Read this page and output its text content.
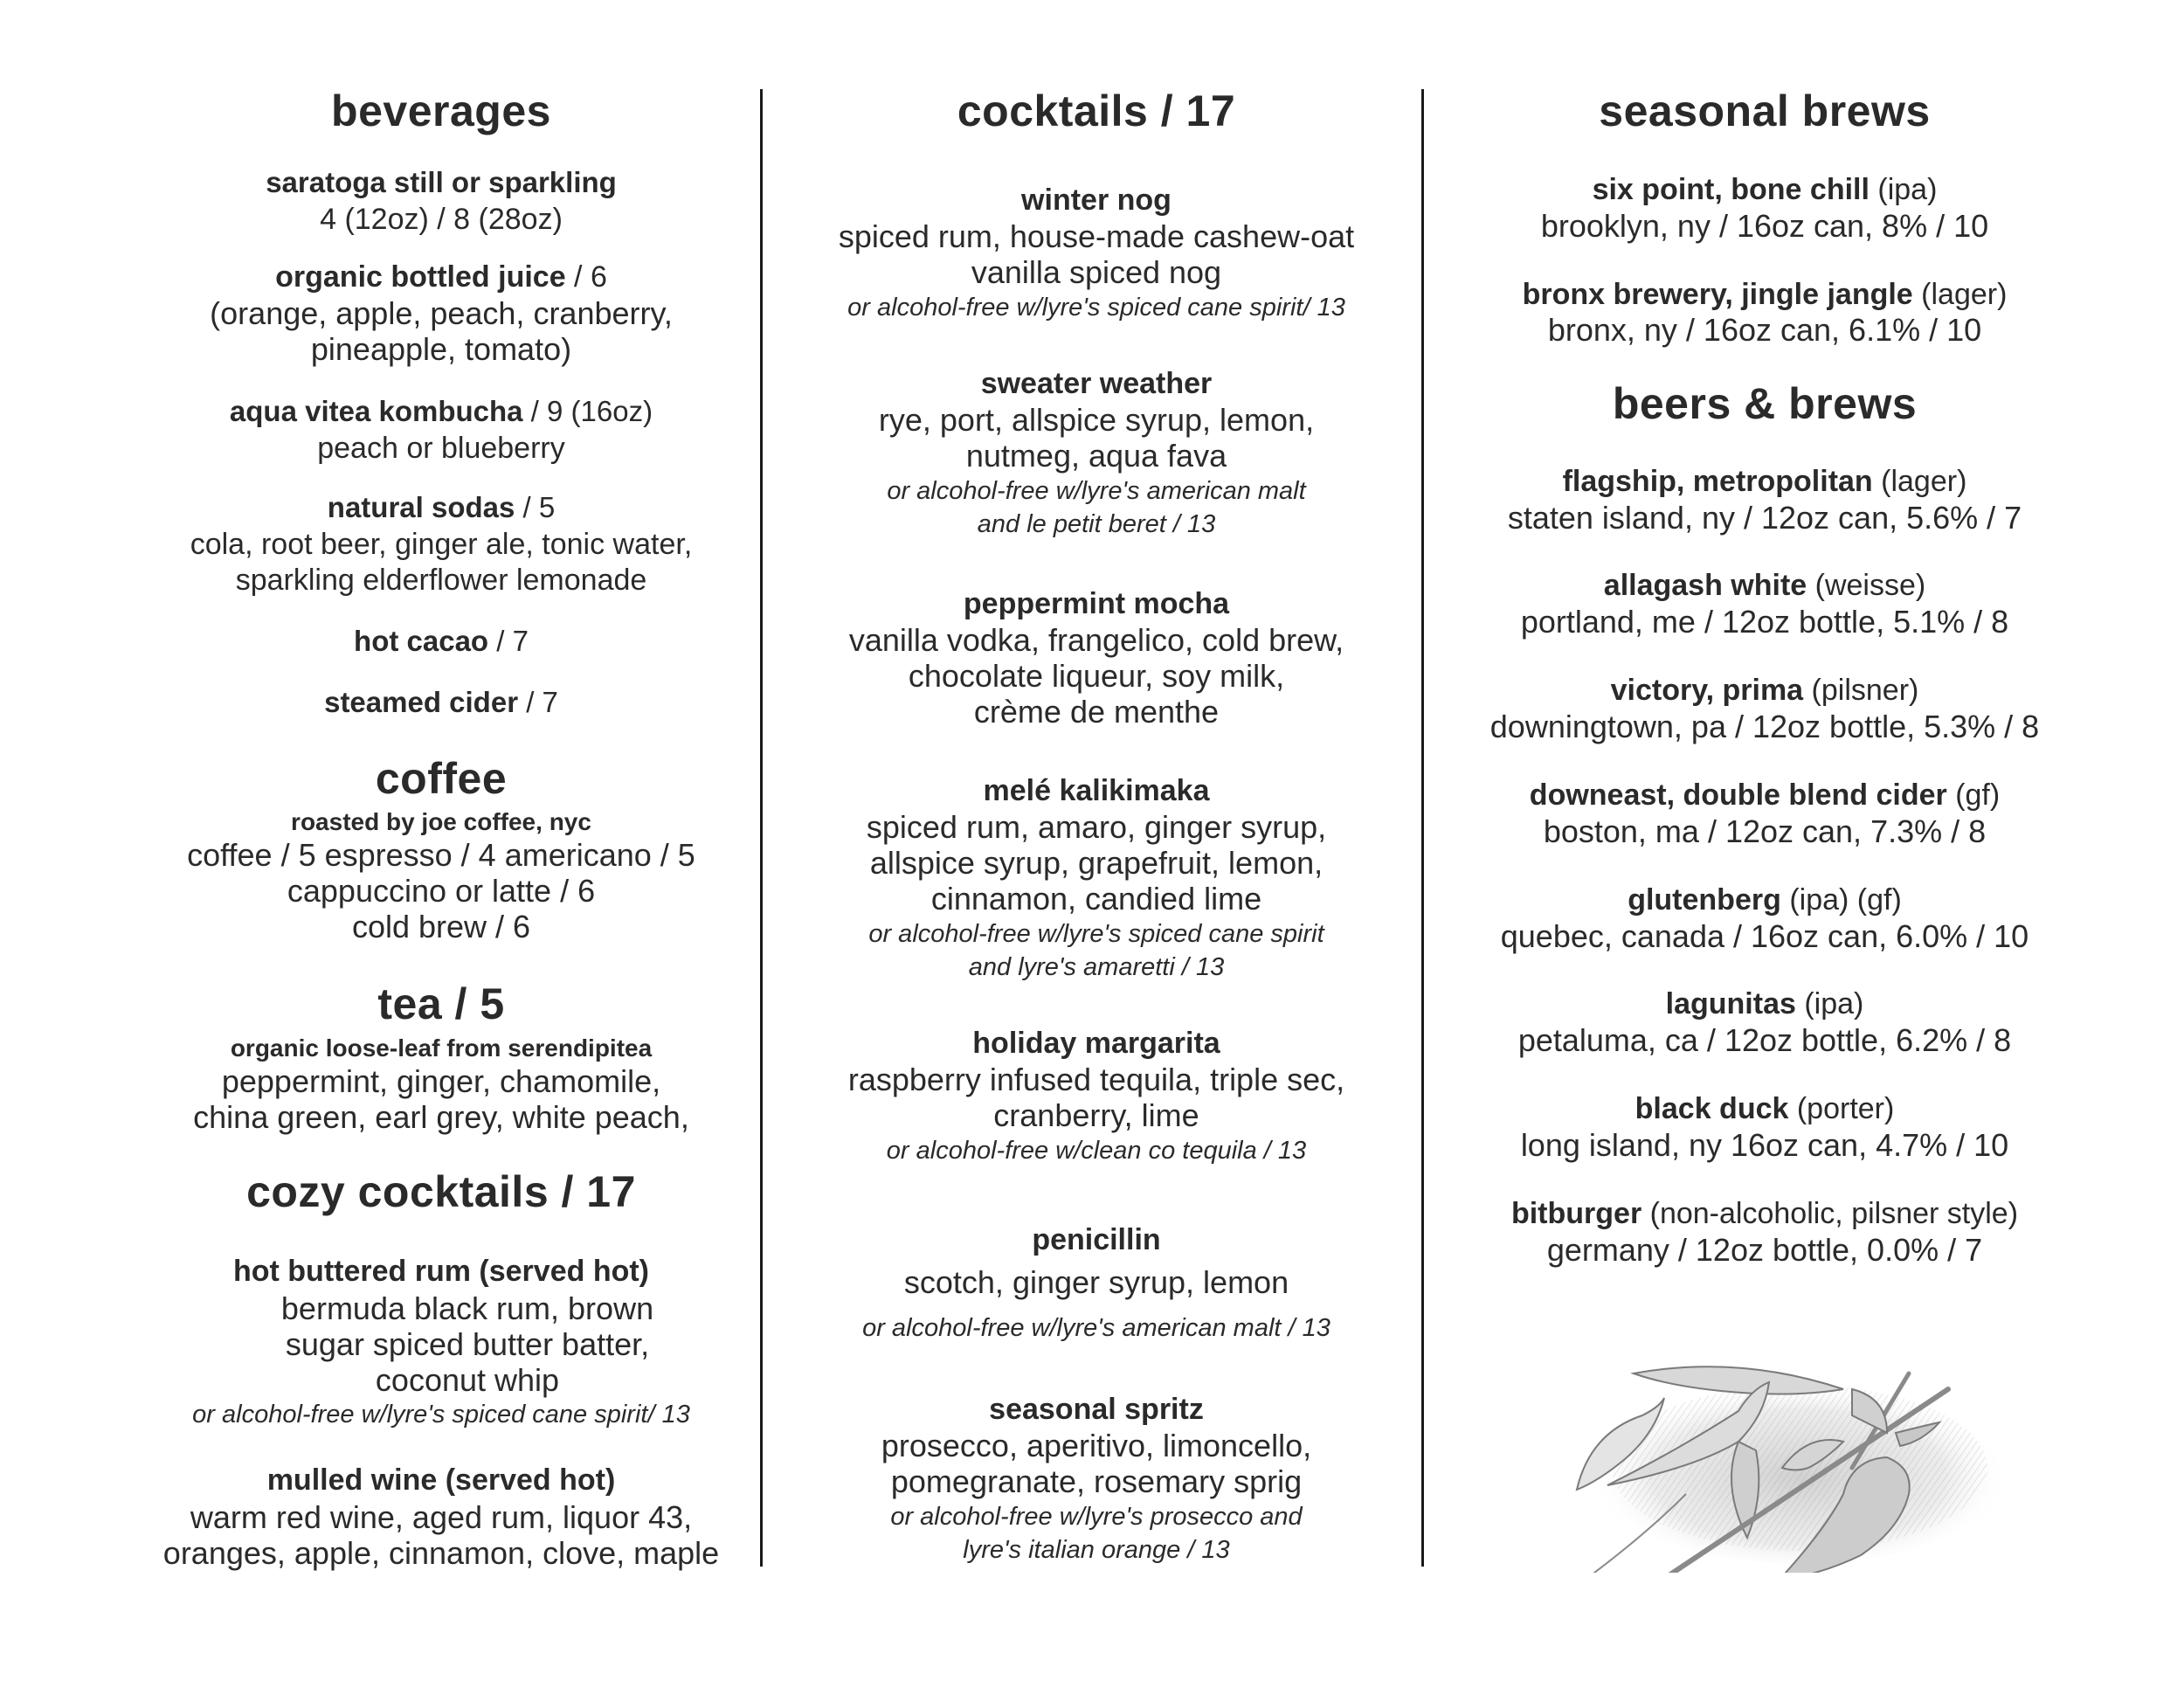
beverages
saratoga still or sparkling
4 (12oz) / 8 (28oz)
organic bottled juice / 6
(orange, apple, peach, cranberry,
pineapple, tomato)
aqua vitea kombucha / 9 (16oz)
peach or blueberry
natural sodas / 5
cola, root beer, ginger ale, tonic water,
sparkling elderflower lemonade
hot cacao / 7
steamed cider / 7
coffee
roasted by joe coffee, nyc
coffee / 5 espresso / 4 americano / 5
cappuccino or latte / 6
cold brew / 6
tea / 5
organic loose-leaf from serendipitea
peppermint, ginger, chamomile,
china green, earl grey, white peach,
cozy cocktails / 17
hot buttered rum (served hot)
bermuda black rum, brown
sugar spiced butter batter,
coconut whip
or alcohol-free w/lyre's spiced cane spirit/ 13
mulled wine (served hot)
warm red wine, aged rum, liquor 43,
oranges, apple, cinnamon, clove, maple
cocktails / 17
winter nog
spiced rum, house-made cashew-oat
vanilla spiced nog
or alcohol-free w/lyre's spiced cane spirit/ 13
sweater weather
rye, port, allspice syrup, lemon,
nutmeg, aqua fava
or alcohol-free w/lyre's american malt
and le petit beret / 13
peppermint mocha
vanilla vodka, frangelico, cold brew,
chocolate liqueur, soy milk,
crème de menthe
melé kalikimaka
spiced rum, amaro, ginger syrup,
allspice syrup, grapefruit, lemon,
cinnamon, candied lime
or alcohol-free w/lyre's spiced cane spirit
and lyre's amaretti / 13
holiday margarita
raspberry infused tequila, triple sec,
cranberry, lime
or alcohol-free w/clean co tequila / 13
penicillin
scotch, ginger syrup, lemon
or alcohol-free w/lyre's american malt / 13
seasonal spritz
prosecco, aperitivo, limoncello,
pomegranate, rosemary sprig
or alcohol-free w/lyre's prosecco and
lyre's italian orange / 13
seasonal brews
six point, bone chill (ipa)
brooklyn, ny / 16oz can, 8% / 10
bronx brewery, jingle jangle (lager)
bronx, ny / 16oz can, 6.1% / 10
beers & brews
flagship, metropolitan (lager)
staten island, ny / 12oz can, 5.6% / 7
allagash white (weisse)
portland, me / 12oz bottle, 5.1% / 8
victory, prima (pilsner)
downingtown, pa / 12oz bottle, 5.3% / 8
downeast, double blend cider (gf)
boston, ma / 12oz can, 7.3% / 8
glutenberg (ipa) (gf)
quebec, canada / 16oz can, 6.0% / 10
lagunitas (ipa)
petaluma, ca / 12oz bottle, 6.2% / 8
black duck (porter)
long island, ny 16oz can, 4.7% / 10
bitburger (non-alcoholic, pilsner style)
germany / 12oz bottle, 0.0% / 7
